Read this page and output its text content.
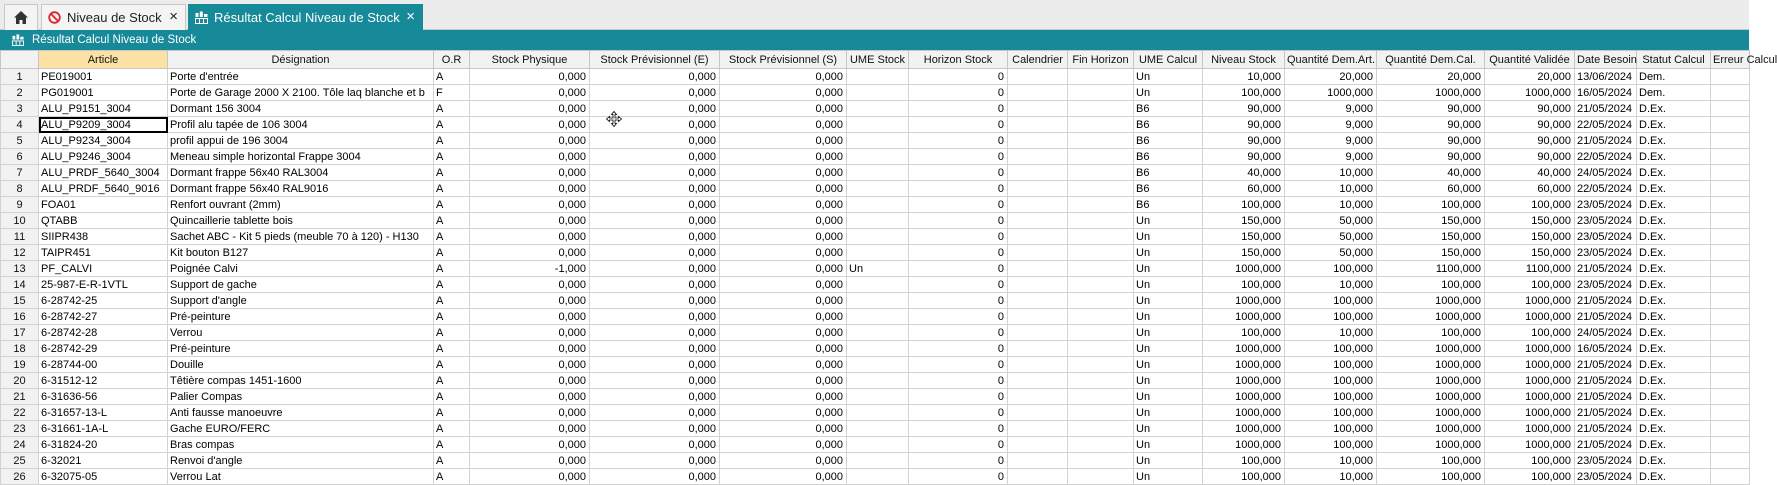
Niveau de Stock ×	Résultat Calcul Niveau de Stock ×
Résultat Calcul Niveau de Stock
	Article	Désignation	O.R	Stock Physique	Stock Prévisionnel (E)	Stock Prévisionnel (S)	UME Stock	Horizon Stock	Calendrier	Fin Horizon	UME Calcul	Niveau Stock	Quantité Dem.Art.	Quantité Dem.Cal.	Quantité Validée	Date Besoin	Statut Calcul	Erreur Calcul
1	PE019001	Porte d'entrée	A	0,000	0,000	0,000		0			Un	10,000	20,000	20,000	20,000	13/06/2024	Dem.	
2	PG019001	Porte de Garage 2000 X 2100. Tôle laq blanche et b	F	0,000	0,000	0,000		0			Un	100,000	1000,000	1000,000	1000,000	16/05/2024	Dem.	
3	ALU_P9151_3004	Dormant 156 3004	A	0,000	0,000	0,000		0			B6	90,000	9,000	90,000	90,000	21/05/2024	D.Ex.	
4	ALU_P9209_3004	Profil alu tapée de 106 3004	A	0,000	0,000	0,000		0			B6	90,000	9,000	90,000	90,000	22/05/2024	D.Ex.	
5	ALU_P9234_3004	profil appui de 196 3004	A	0,000	0,000	0,000		0			B6	90,000	9,000	90,000	90,000	21/05/2024	D.Ex.	
6	ALU_P9246_3004	Meneau simple horizontal Frappe 3004	A	0,000	0,000	0,000		0			B6	90,000	9,000	90,000	90,000	22/05/2024	D.Ex.	
7	ALU_PRDF_5640_3004	Dormant frappe 56x40 RAL3004	A	0,000	0,000	0,000		0			B6	40,000	10,000	40,000	40,000	24/05/2024	D.Ex.	
8	ALU_PRDF_5640_9016	Dormant frappe 56x40 RAL9016	A	0,000	0,000	0,000		0			B6	60,000	10,000	60,000	60,000	22/05/2024	D.Ex.	
9	FOA01	Renfort ouvrant (2mm)	A	0,000	0,000	0,000		0			B6	100,000	10,000	100,000	100,000	23/05/2024	D.Ex.	
10	QTABB	Quincaillerie tablette bois	A	0,000	0,000	0,000		0			Un	150,000	50,000	150,000	150,000	23/05/2024	D.Ex.	
11	SIIPR438	Sachet ABC - Kit 5 pieds (meuble 70 à 120) - H130	A	0,000	0,000	0,000		0			Un	150,000	50,000	150,000	150,000	23/05/2024	D.Ex.	
12	TAIPR451	Kit bouton B127	A	0,000	0,000	0,000		0			Un	150,000	50,000	150,000	150,000	23/05/2024	D.Ex.	
13	PF_CALVI	Poignée Calvi	A	-1,000	0,000	0,000	Un	0			Un	1000,000	100,000	1100,000	1100,000	21/05/2024	D.Ex.	
14	25-987-E-R-1VTL	Support de gache	A	0,000	0,000	0,000		0			Un	100,000	10,000	100,000	100,000	23/05/2024	D.Ex.	
15	6-28742-25	Support d'angle	A	0,000	0,000	0,000		0			Un	1000,000	100,000	1000,000	1000,000	21/05/2024	D.Ex.	
16	6-28742-27	Pré-peinture	A	0,000	0,000	0,000		0			Un	1000,000	100,000	1000,000	1000,000	21/05/2024	D.Ex.	
17	6-28742-28	Verrou	A	0,000	0,000	0,000		0			Un	100,000	10,000	100,000	100,000	24/05/2024	D.Ex.	
18	6-28742-29	Pré-peinture	A	0,000	0,000	0,000		0			Un	1000,000	100,000	1000,000	1000,000	16/05/2024	D.Ex.	
19	6-28744-00	Douille	A	0,000	0,000	0,000		0			Un	1000,000	100,000	1000,000	1000,000	21/05/2024	D.Ex.	
20	6-31512-12	Têtière compas 1451-1600	A	0,000	0,000	0,000		0			Un	1000,000	100,000	1000,000	1000,000	21/05/2024	D.Ex.	
21	6-31636-56	Palier Compas	A	0,000	0,000	0,000		0			Un	1000,000	100,000	1000,000	1000,000	21/05/2024	D.Ex.	
22	6-31657-13-L	Anti fausse manoeuvre	A	0,000	0,000	0,000		0			Un	1000,000	100,000	1000,000	1000,000	21/05/2024	D.Ex.	
23	6-31661-1A-L	Gache EURO/FERC	A	0,000	0,000	0,000		0			Un	1000,000	100,000	1000,000	1000,000	21/05/2024	D.Ex.	
24	6-31824-20	Bras compas	A	0,000	0,000	0,000		0			Un	1000,000	100,000	1000,000	1000,000	21/05/2024	D.Ex.	
25	6-32021	Renvoi d'angle	A	0,000	0,000	0,000		0			Un	100,000	10,000	100,000	100,000	23/05/2024	D.Ex.	
26	6-32075-05	Verrou Lat	A	0,000	0,000	0,000		0			Un	100,000	10,000	100,000	100,000	23/05/2024	D.Ex.	
